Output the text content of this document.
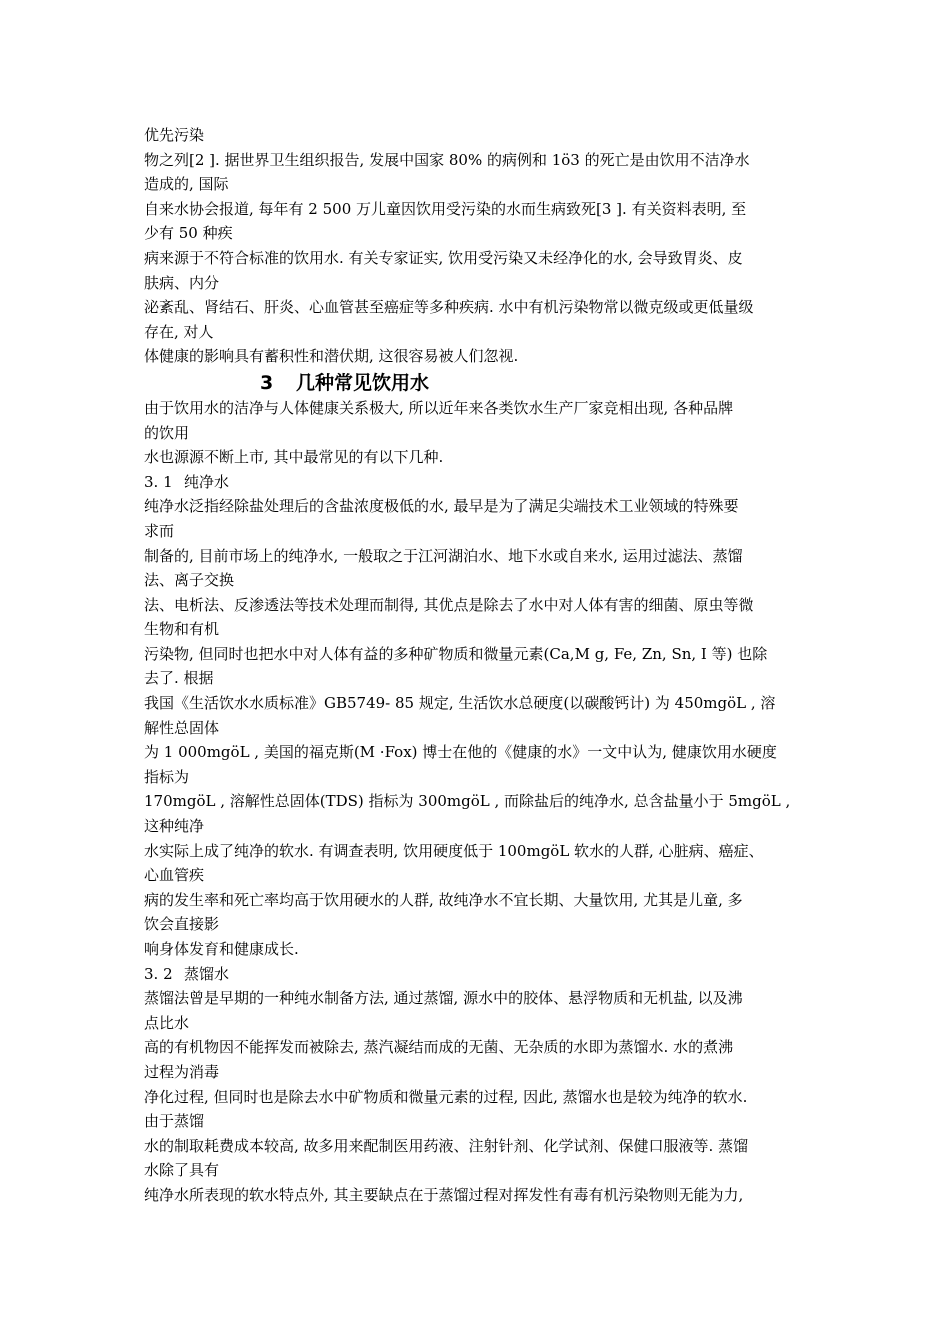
优先污染
物之列[2 ]. 据世界卫生组织报告, 发展中国家 80% 的病例和 1ö3 的死亡是由饮用不洁净水
造成的, 国际
自来水协会报道, 每年有 2 500 万儿童因饮用受污染的水而生病致死[3 ]. 有关资料表明, 至
少有 50 种疾
病来源于不符合标准的饮用水. 有关专家证实, 饮用受污染又未经净化的水, 会导致胃炎、皮
肤病、内分
泌紊乱、肾结石、肝炎、心血管甚至癌症等多种疾病. 水中有机污染物常以微克级或更低量级
存在, 对人
体健康的影响具有蓄积性和潜伏期, 这很容易被人们忽视.
3 几种常见饮用水
由于饮用水的洁净与人体健康关系极大, 所以近年来各类饮水生产厂家竞相出现, 各种品牌
的饮用
水也源源不断上市, 其中最常见的有以下几种.
3. 1 纯净水
纯净水泛指经除盐处理后的含盐浓度极低的水, 最早是为了满足尖端技术工业领域的特殊要
求而
制备的, 目前市场上的纯净水, 一般取之于江河湖泊水、地下水或自来水, 运用过滤法、蒸馏
法、离子交换
法、电析法、反渗透法等技术处理而制得, 其优点是除去了水中对人体有害的细菌、原虫等微
生物和有机
污染物, 但同时也把水中对人体有益的多种矿物质和微量元素(Ca,M g, Fe, Zn, Sn, I 等) 也除
去了. 根据
我国《生活饮水水质标准》GB5749- 85 规定, 生活饮水总硬度(以碳酸钙计) 为 450mgöL , 溶
解性总固体
为 1 000mgöL , 美国的福克斯(M ·Fox) 博士在他的《健康的水》一文中认为, 健康饮用水硬度
指标为
170mgöL , 溶解性总固体(TDS) 指标为 300mgöL , 而除盐后的纯净水, 总含盐量小于 5mgöL ,
这种纯净
水实际上成了纯净的软水. 有调查表明, 饮用硬度低于 100mgöL 软水的人群, 心脏病、癌症、
心血管疾
病的发生率和死亡率均高于饮用硬水的人群, 故纯净水不宜长期、大量饮用, 尤其是儿童, 多
饮会直接影
响身体发育和健康成长.
3. 2 蒸馏水
蒸馏法曾是早期的一种纯水制备方法, 通过蒸馏, 源水中的胶体、悬浮物质和无机盐, 以及沸
点比水
高的有机物因不能挥发而被除去, 蒸汽凝结而成的无菌、无杂质的水即为蒸馏水. 水的煮沸
过程为消毒
净化过程, 但同时也是除去水中矿物质和微量元素的过程, 因此, 蒸馏水也是较为纯净的软水.
由于蒸馏
水的制取耗费成本较高, 故多用来配制医用药液、注射针剂、化学试剂、保健口服液等. 蒸馏
水除了具有
纯净水所表现的软水特点外, 其主要缺点在于蒸馏过程对挥发性有毒有机污染物则无能为力,
